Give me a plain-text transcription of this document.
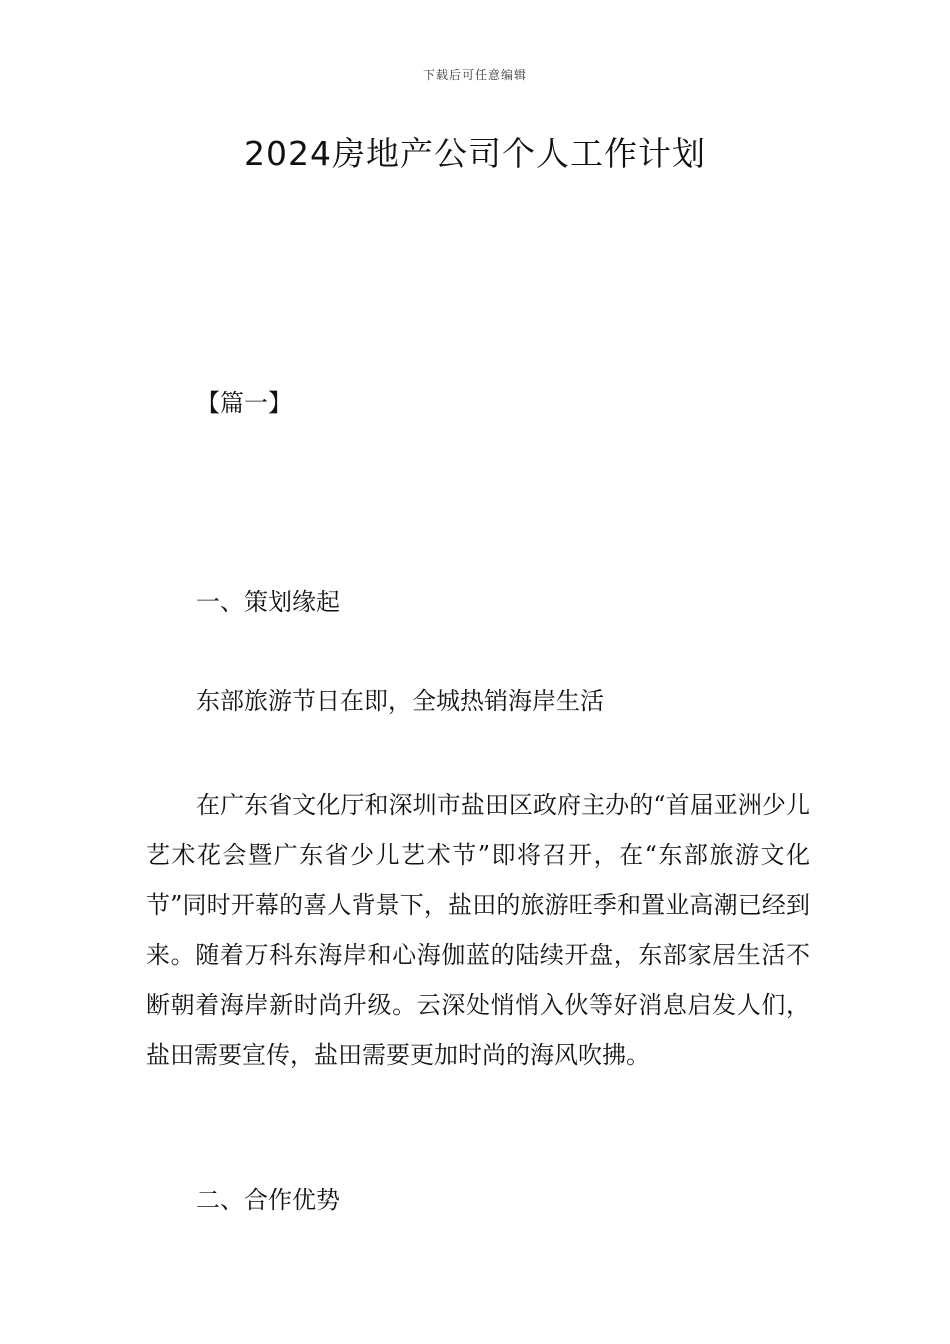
下载后可任意编辑
2024房地产公司个人工作计划
【篇一】
一、策划缘起
东部旅游节日在即，全城热销海岸生活

在广东省文化厅和深圳市盐田区政府主办的“首届亚洲少儿艺术花会暨广东省少儿艺术节”即将召开，在“东部旅游文化节”同时开幕的喜人背景下，盐田的旅游旺季和置业高潮已经到来。随着万科东海岸和心海伽蓝的陆续开盘，东部家居生活不断朝着海岸新时尚升级。云深处悄悄入伙等好消息启发人们，盐田需要宣传，盐田需要更加时尚的海风吹拂。

二、合作优势
